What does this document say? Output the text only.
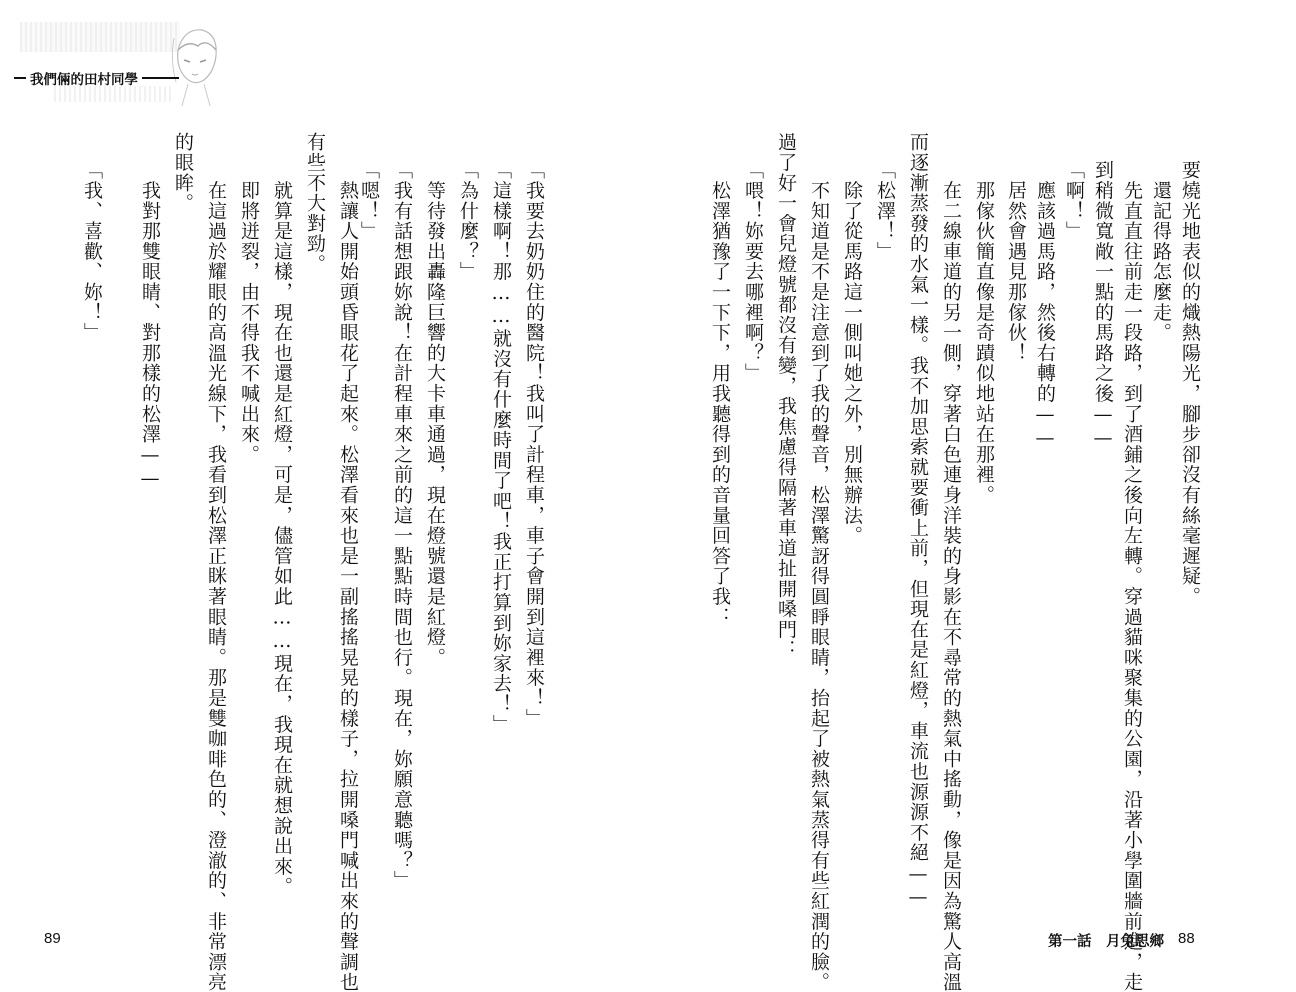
我們倆的田村同學
要燒光地表似的熾熱陽光，腳步卻沒有絲毫遲疑。
　還記得路怎麼走。
　先直直往前走一段路，到了酒鋪之後向左轉。穿過貓咪聚集的公園，沿著小學圍牆前進，走
到稍微寬敞一點的馬路之後——
「啊！」
　應該過馬路，然後右轉的——
　居然會遇見那傢伙！
　那傢伙簡直像是奇蹟似地站在那裡。
　在二線車道的另一側，穿著白色連身洋裝的身影在不尋常的熱氣中搖動，像是因為驚人高溫
而逐漸蒸發的水氣一樣。我不加思索就要衝上前，但現在是紅燈，車流也源源不絕——
「松澤！」
　除了從馬路這一側叫她之外，別無辦法。
　不知道是不是注意到了我的聲音，松澤驚訝得圓睜眼睛，抬起了被熱氣蒸得有些紅潤的臉。
過了好一會兒燈號都沒有變，我焦慮得隔著車道扯開嗓門：
「喂！妳要去哪裡啊？」
　松澤猶豫了一下下，用我聽得到的音量回答了我：
「我要去奶奶住的醫院！我叫了計程車，車子會開到這裡來！」
「這樣啊！那……就沒有什麼時間了吧！我正打算到妳家去！」
「為什麼？」
　等待發出轟隆巨響的大卡車通過，現在燈號還是紅燈。
「我有話想跟妳說！在計程車來之前的這一點點時間也行。現在，妳願意聽嗎？」
「嗯！」
　熱讓人開始頭昏眼花了起來。松澤看來也是一副搖搖晃晃的樣子，拉開嗓門喊出來的聲調也
有些不大對勁。
　就算是這樣，現在也還是紅燈，可是，儘管如此……現在，我現在就想說出來。
　即將迸裂，由不得我不喊出來。
　在這過於耀眼的高溫光線下，我看到松澤正眯著眼睛。那是雙咖啡色的、澄澈的、非常漂亮
的眼眸。
　我對那雙眼睛、對那樣的松澤——
「我、喜歡、妳！」
89	第一話　月兔思鄉 88
